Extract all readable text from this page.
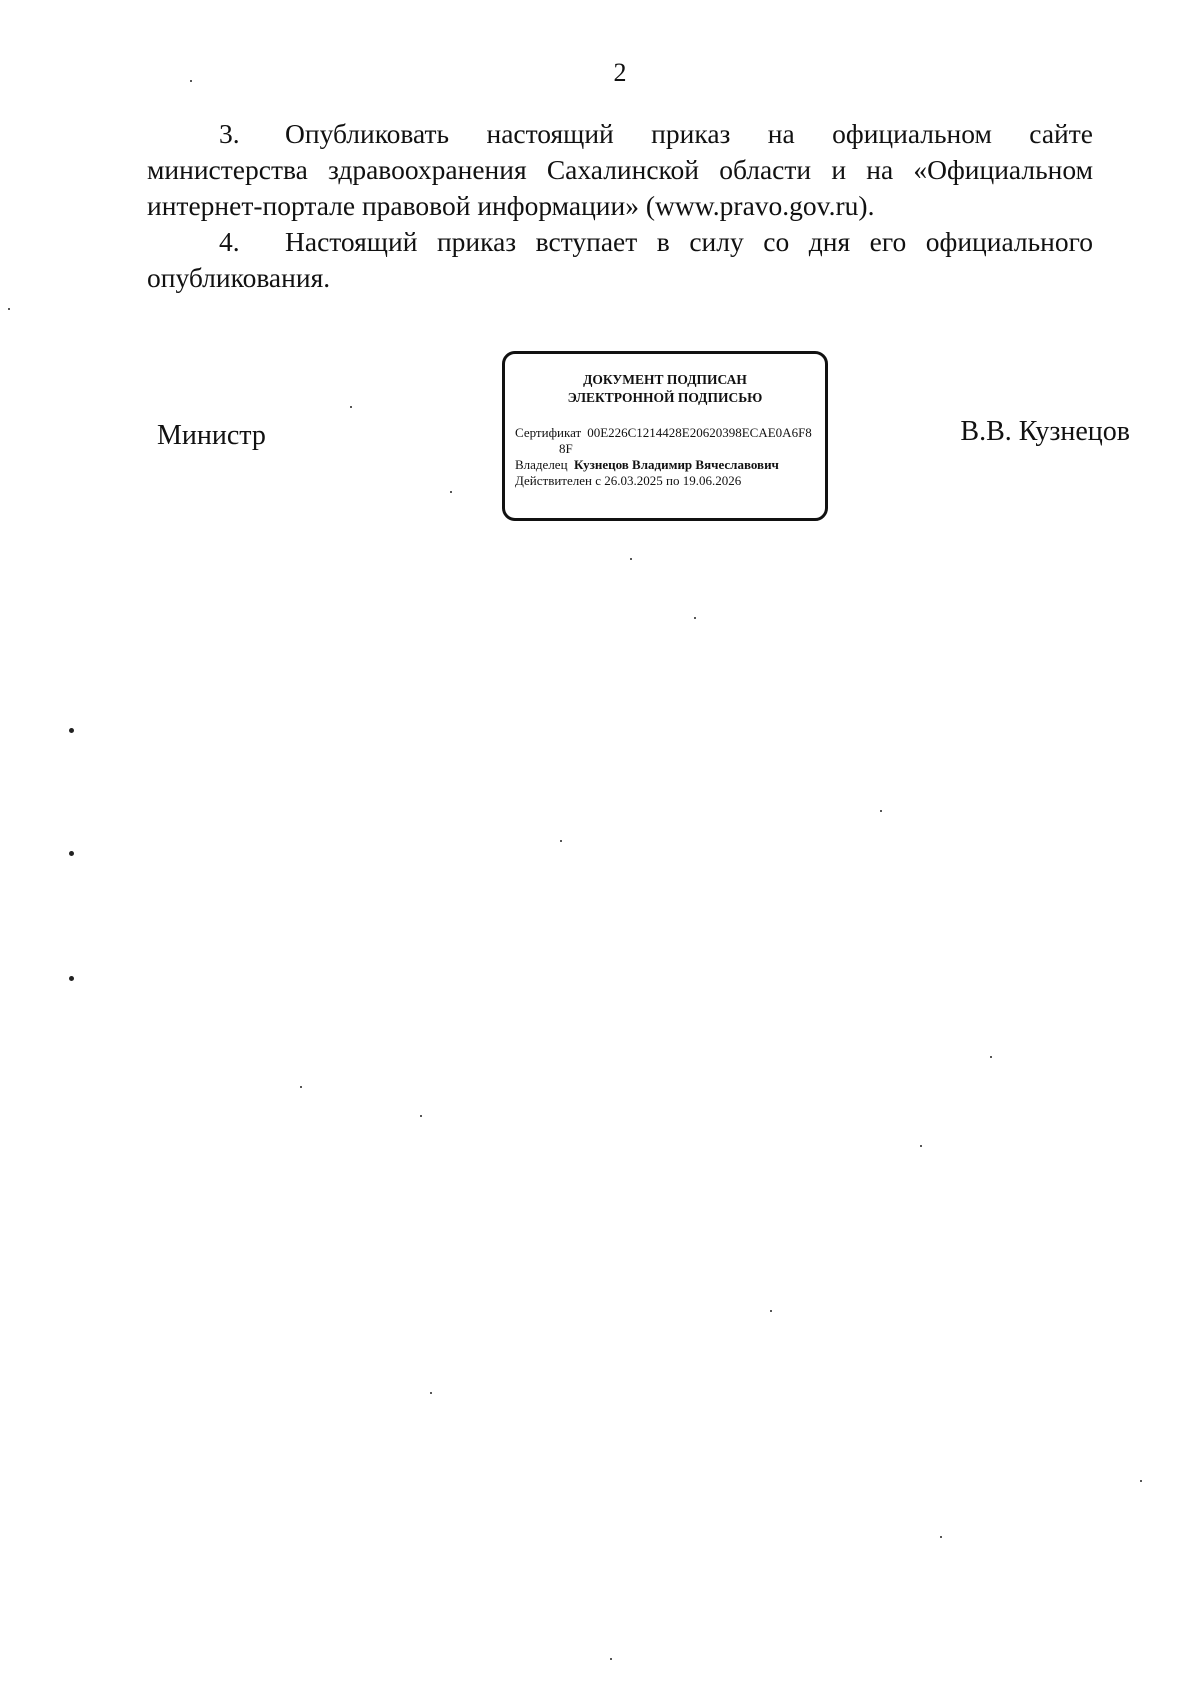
2

3. Опубликовать настоящий приказ на официальном сайте министерства здравоохранения Сахалинской области и на «Официальном интернет-портале правовой информации» (www.pravo.gov.ru).

4. Настоящий приказ вступает в силу со дня его официального опубликования.

Министр
ДОКУМЕНТ ПОДПИСАН
ЭЛЕКТРОННОЙ ПОДПИСЬЮ
Сертификат 00E226C1214428E20620398ECAE0A6F8
8F
Владелец Кузнецов Владимир Вячеславович
Действителен с 26.03.2025 по 19.06.2026
В.В. Кузнецов
